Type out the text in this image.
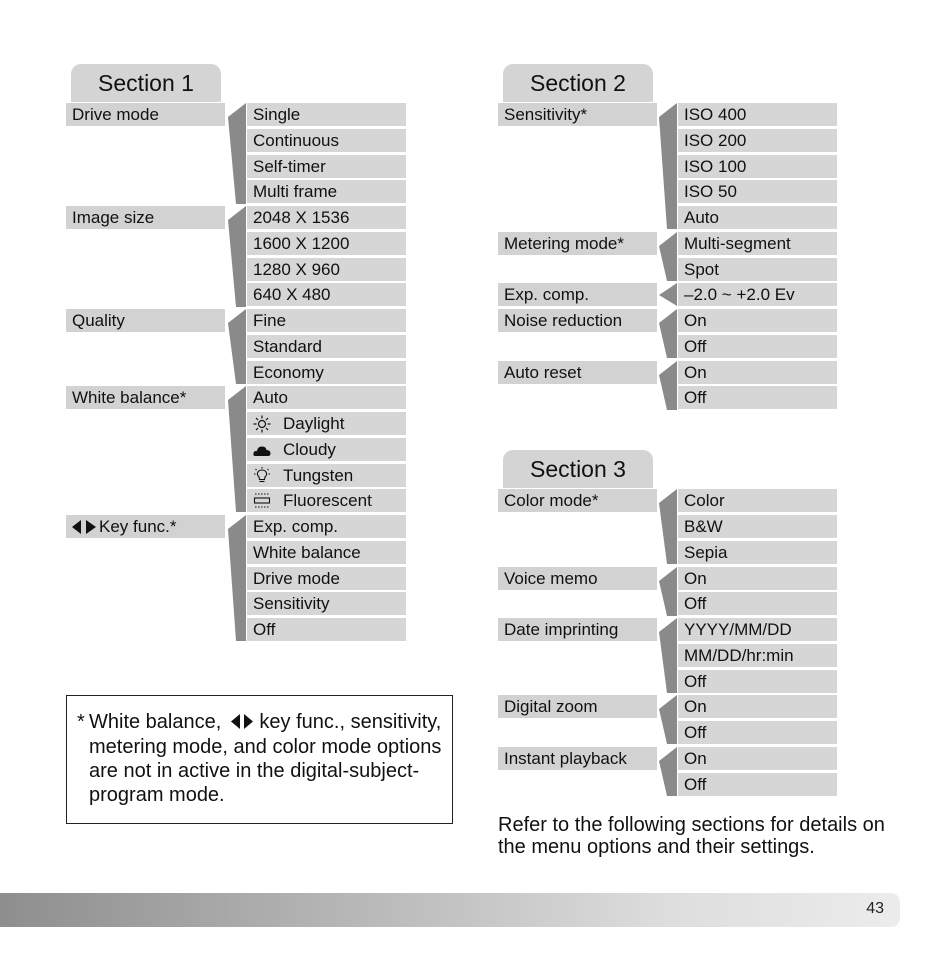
Section 1
Drive mode	Single
Continuous
Self-timer
Multi frame
Image size	2048 X 1536
1600 X 1200
1280 X 960
640 X 480
Quality	Fine
Standard
Economy
White balance*	Auto
Daylight
Cloudy
Tungsten
Fluorescent
Key func.*	Exp. comp.
White balance
Drive mode
Sensitivity
Off
Section 2
Sensitivity*	ISO 400
ISO 200
ISO 100
ISO 50
Auto
Metering mode*	Multi-segment
Spot
Exp. comp.	–2.0 ~ +2.0 Ev
Noise reduction	On
Off
Auto reset	On
Off
Section 3
Color mode*	Color
B&W
Sepia
Voice memo	On
Off
Date imprinting	YYYY/MM/DD
MM/DD/hr:min
Off
Digital zoom	On
Off
Instant playback	On
Off
* White balance, key func., sensitivity, metering mode, and color mode options are not in active in the digital-subject-program mode.
Refer to the following sections for details on the menu options and their settings.
43
